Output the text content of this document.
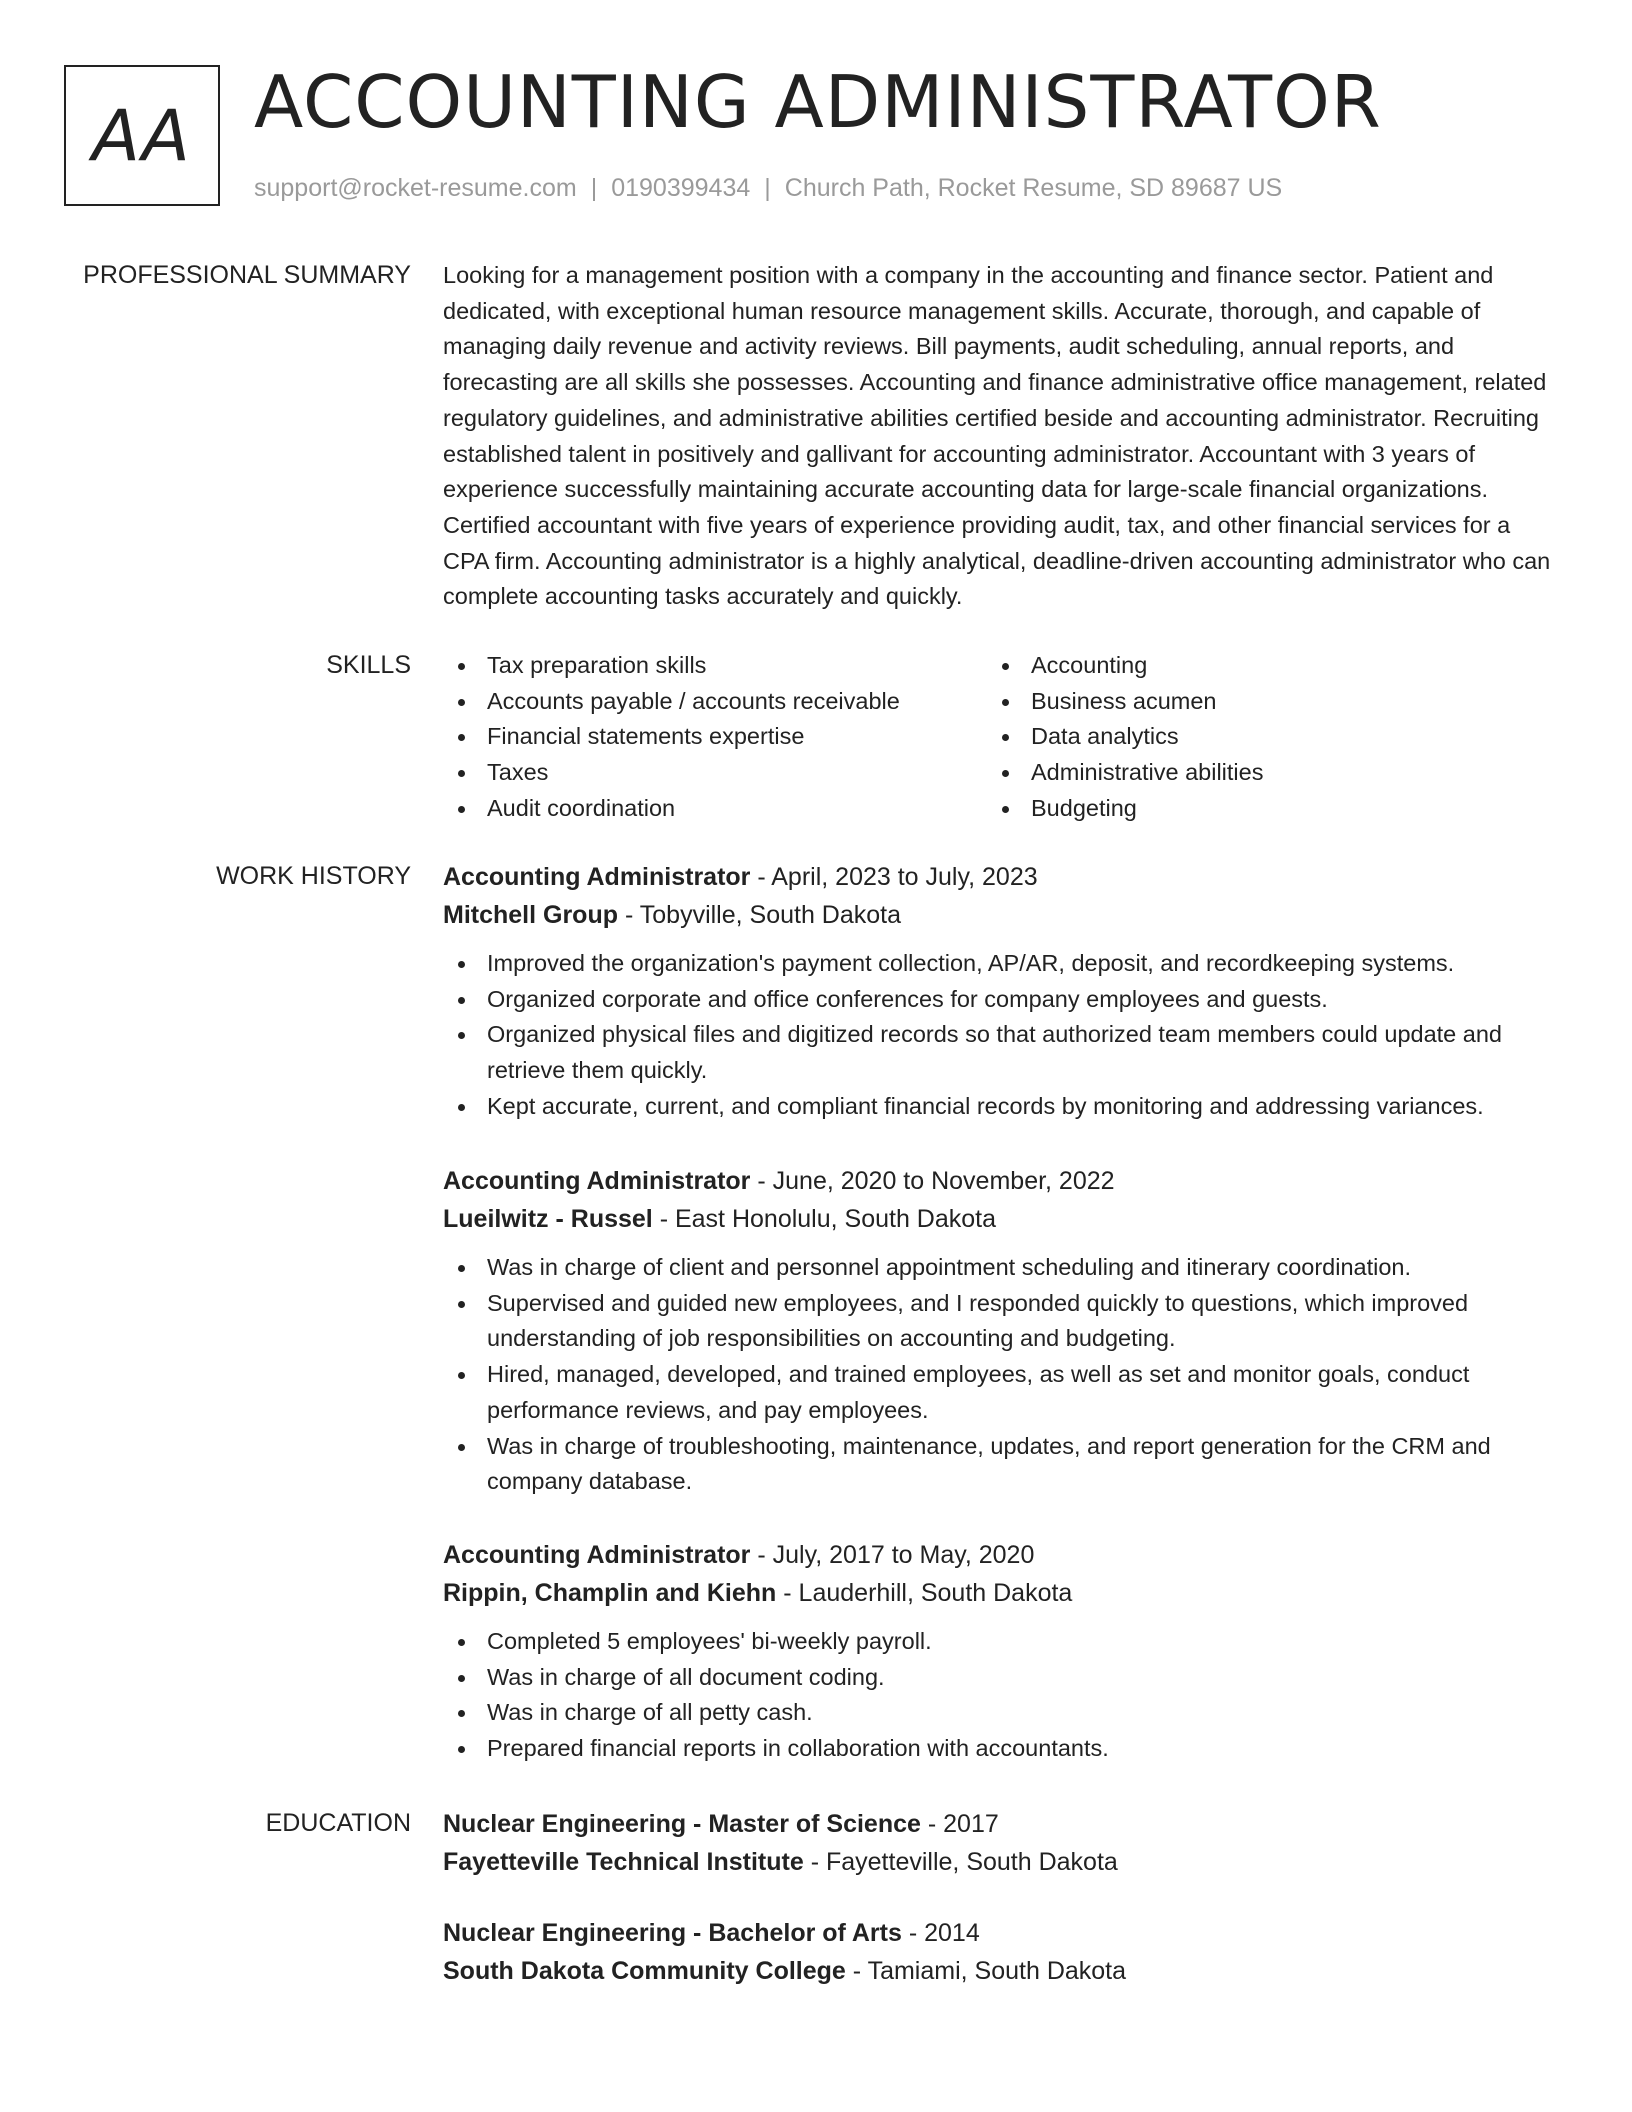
AA ACCOUNTING ADMINISTRATOR
support@rocket-resume.com | 0190399434 | Church Path, Rocket Resume, SD 89687 US
PROFESSIONAL SUMMARY Looking for a management position with a company in the accounting and finance sector. Patient and dedicated, with exceptional human resource management skills. Accurate, thorough, and capable of managing daily revenue and activity reviews. Bill payments, audit scheduling, annual reports, and forecasting are all skills she possesses. Accounting and finance administrative office management, related regulatory guidelines, and administrative abilities certified beside and accounting administrator. Recruiting established talent in positively and gallivant for accounting administrator. Accountant with 3 years of experience successfully maintaining accurate accounting data for large-scale financial organizations. Certified accountant with five years of experience providing audit, tax, and other financial services for a CPA firm. Accounting administrator is a highly analytical, deadline-driven accounting administrator who can complete accounting tasks accurately and quickly.

SKILLS	Tax preparation skills
Accounts payable / accounts receivable
Financial statements expertise
Taxes
Audit coordination
Accounting
Business acumen
Data analytics
Administrative abilities
Budgeting
WORK HISTORY Accounting Administrator - April, 2023 to July, 2023
Mitchell Group - Tobyville, South Dakota
Improved the organization's payment collection, AP/AR, deposit, and recordkeeping systems.
Organized corporate and office conferences for company employees and guests.
Organized physical files and digitized records so that authorized team members could update and retrieve them quickly.
Kept accurate, current, and compliant financial records by monitoring and addressing variances.
Accounting Administrator - June, 2020 to November, 2022
Lueilwitz - Russel - East Honolulu, South Dakota
Was in charge of client and personnel appointment scheduling and itinerary coordination.
Supervised and guided new employees, and I responded quickly to questions, which improved understanding of job responsibilities on accounting and budgeting.
Hired, managed, developed, and trained employees, as well as set and monitor goals, conduct performance reviews, and pay employees.
Was in charge of troubleshooting, maintenance, updates, and report generation for the CRM and company database.
Accounting Administrator - July, 2017 to May, 2020
Rippin, Champlin and Kiehn - Lauderhill, South Dakota
Completed 5 employees' bi-weekly payroll.
Was in charge of all document coding.
Was in charge of all petty cash.
Prepared financial reports in collaboration with accountants.
EDUCATION Nuclear Engineering - Master of Science - 2017
Fayetteville Technical Institute - Fayetteville, South Dakota
Nuclear Engineering - Bachelor of Arts - 2014
South Dakota Community College - Tamiami, South Dakota
